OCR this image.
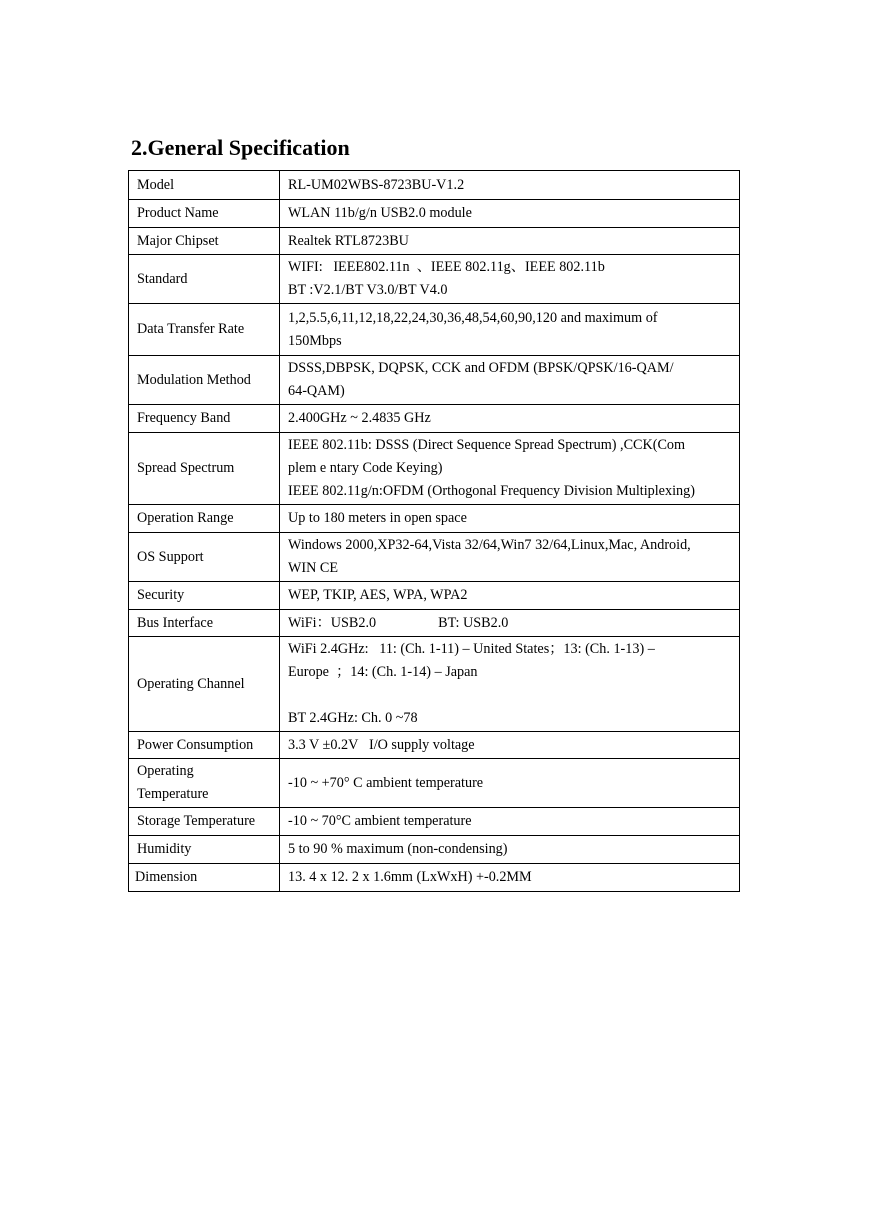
2.General Specification
Model	RL-UM02WBS-8723BU-V1.2
Product Name	WLAN 11b/g/n USB2.0 module
Major Chipset	Realtek RTL8723BU
Standard	WIFI:   IEEE802.11n  、IEEE 802.11g、IEEE 802.11b
BT :V2.1/BT V3.0/BT V4.0

Data Transfer Rate	1,2,5.5,6,11,12,18,22,24,30,36,48,54,60,90,120 and maximum of
150Mbps

Modulation Method	DSSS,DBPSK, DQPSK, CCK and OFDM (BPSK/QPSK/16-QAM/
64-QAM)

Frequency Band	2.400GHz ~ 2.4835 GHz
Spread Spectrum	IEEE 802.11b: DSSS (Direct Sequence Spread Spectrum) ,CCK(Com
plem e ntary Code Keying)
IEEE 802.11g/n:OFDM (Orthogonal Frequency Division Multiplexing)

Operation Range	Up to 180 meters in open space
OS Support	Windows 2000,XP32-64,Vista 32/64,Win7 32/64,Linux,Mac, Android,
WIN CE

Security	WEP, TKIP, AES, WPA, WPA2
Bus Interface	WiFi：USB2.0 BT: USB2.0
Operating Channel	WiFi 2.4GHz:   11: (Ch. 1-11) – United States；13: (Ch. 1-13) –
Europe  ；14: (Ch. 1-14) – Japan
BT 2.4GHz: Ch. 0 ~78

Power Consumption	3.3 V ±0.2V   I/O supply voltage

Operating
Temperature	-10 ~ +70° C ambient temperature
Storage Temperature	-10 ~ 70°C ambient temperature
Humidity	5 to 90 % maximum (non-condensing)
Dimension	13. 4 x 12. 2 x 1.6mm (LxWxH) +-0.2MM
